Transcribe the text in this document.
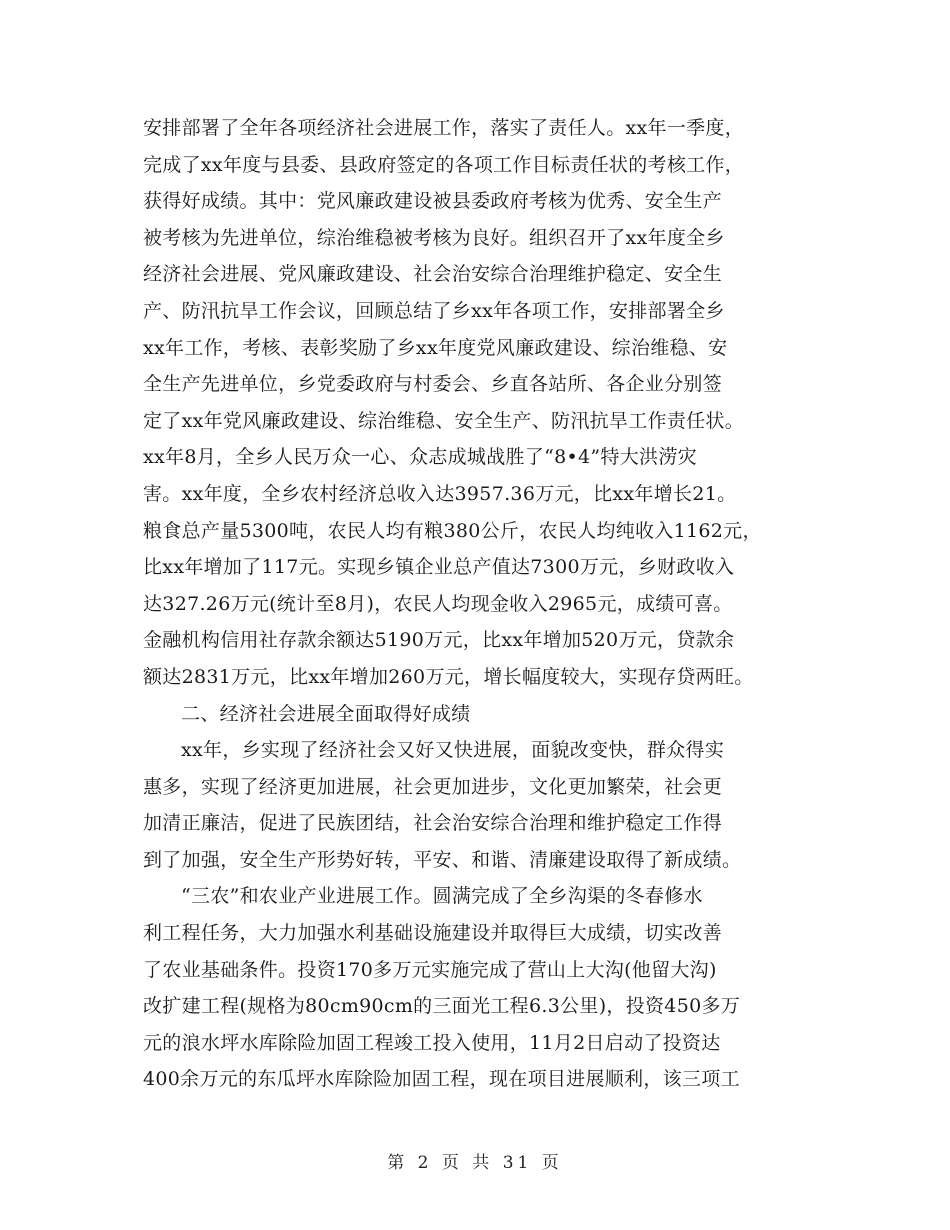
安排部署了全年各项经济社会进展工作，落实了责任人。xx年一季度，
完成了xx年度与县委、县政府签定的各项工作目标责任状的考核工作，
获得好成绩。其中：党风廉政建设被县委政府考核为优秀、安全生产
被考核为先进单位，综治维稳被考核为良好。组织召开了xx年度全乡
经济社会进展、党风廉政建设、社会治安综合治理维护稳定、安全生
产、防汛抗旱工作会议，回顾总结了乡xx年各项工作，安排部署全乡
xx年工作，考核、表彰奖励了乡xx年度党风廉政建设、综治维稳、安
全生产先进单位，乡党委政府与村委会、乡直各站所、各企业分别签
定了xx年党风廉政建设、综治维稳、安全生产、防汛抗旱工作责任状。
xx年8月，全乡人民万众一心、众志成城战胜了“8•4”特大洪涝灾
害。xx年度，全乡农村经济总收入达3957.36万元，比xx年增长21。
粮食总产量5300吨，农民人均有粮380公斤，农民人均纯收入1162元，
比xx年增加了117元。实现乡镇企业总产值达7300万元，乡财政收入
达327.26万元(统计至8月)，农民人均现金收入2965元，成绩可喜。
金融机构信用社存款余额达5190万元，比xx年增加520万元，贷款余
额达2831万元，比xx年增加260万元，增长幅度较大，实现存贷两旺。
二、经济社会进展全面取得好成绩
xx年，乡实现了经济社会又好又快进展，面貌改变快，群众得实
惠多，实现了经济更加进展，社会更加进步，文化更加繁荣，社会更
加清正廉洁，促进了民族团结，社会治安综合治理和维护稳定工作得
到了加强，安全生产形势好转，平安、和谐、清廉建设取得了新成绩。
“三农”和农业产业进展工作。圆满完成了全乡沟渠的冬春修水
利工程任务，大力加强水利基础设施建设并取得巨大成绩，切实改善
了农业基础条件。投资170多万元实施完成了营山上大沟(他留大沟)
改扩建工程(规格为80cm90cm的三面光工程6.3公里)，投资450多万
元的浪水坪水库除险加固工程竣工投入使用，11月2日启动了投资达
400余万元的东瓜坪水库除险加固工程，现在项目进展顺利，该三项工
第 2 页 共 31 页
